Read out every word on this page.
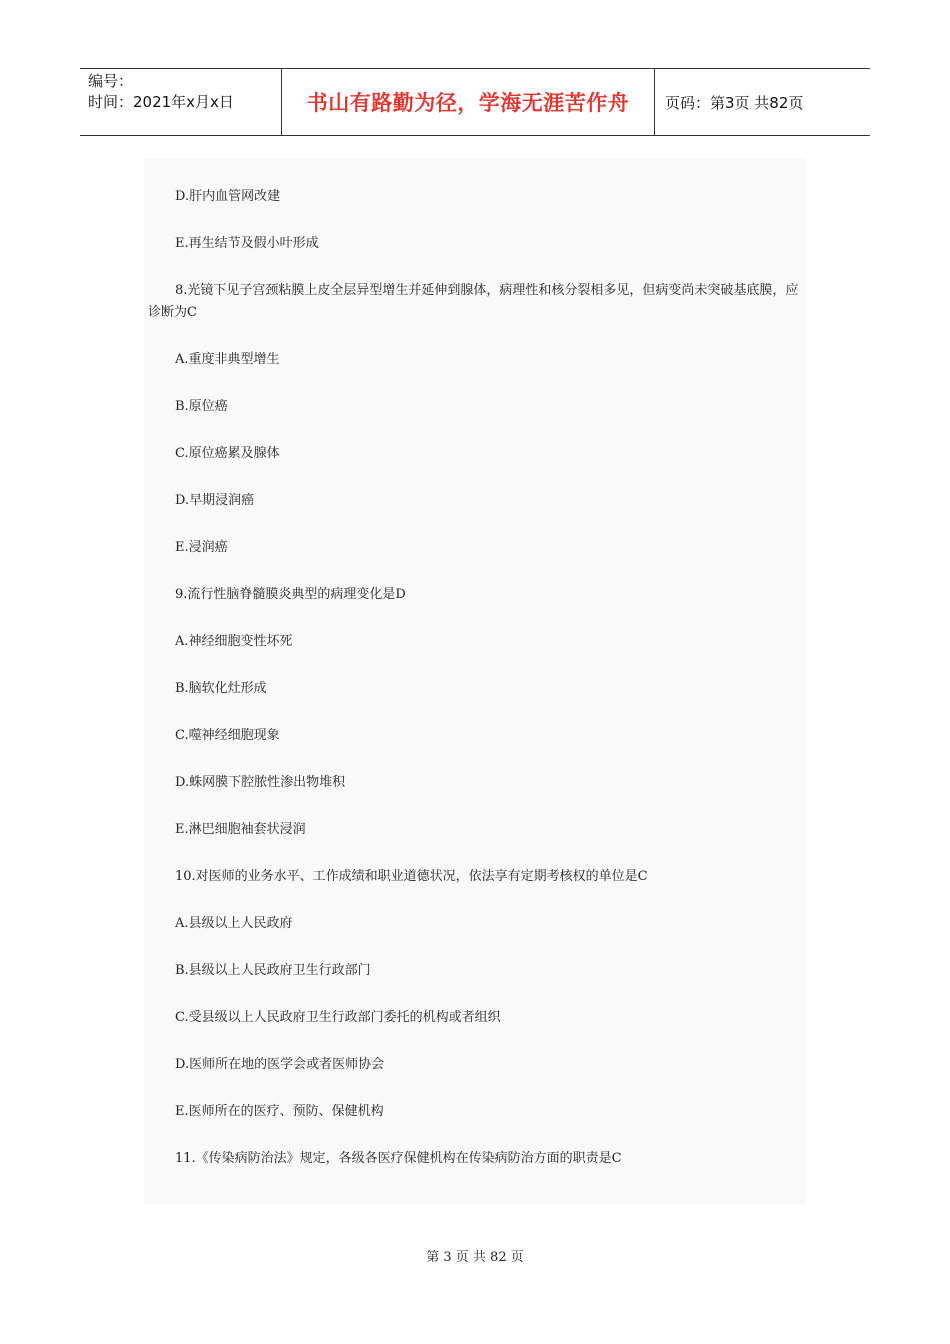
编号：
时间：2021年x月x日	书山有路勤为径，学海无涯苦作舟	页码：第3页 共82页
D.肝内血管网改建
E.再生结节及假小叶形成
8.光镜下见子宫颈粘膜上皮全层异型增生并延伸到腺体，病理性和核分裂相多见，但病变尚未突破基底膜，应诊断为C
A.重度非典型增生
B.原位癌
C.原位癌累及腺体
D.早期浸润癌
E.浸润癌
9.流行性脑脊髓膜炎典型的病理变化是D
A.神经细胞变性坏死
B.脑软化灶形成
C.噬神经细胞现象
D.蛛网膜下腔脓性渗出物堆积
E.淋巴细胞袖套状浸润
10.对医师的业务水平、工作成绩和职业道德状况，依法享有定期考核权的单位是C
A.县级以上人民政府
B.县级以上人民政府卫生行政部门
C.受县级以上人民政府卫生行政部门委托的机构或者组织
D.医师所在地的医学会或者医师协会
E.医师所在的医疗、预防、保健机构
11.《传染病防治法》规定，各级各医疗保健机构在传染病防治方面的职责是C
第 3 页 共 82 页
